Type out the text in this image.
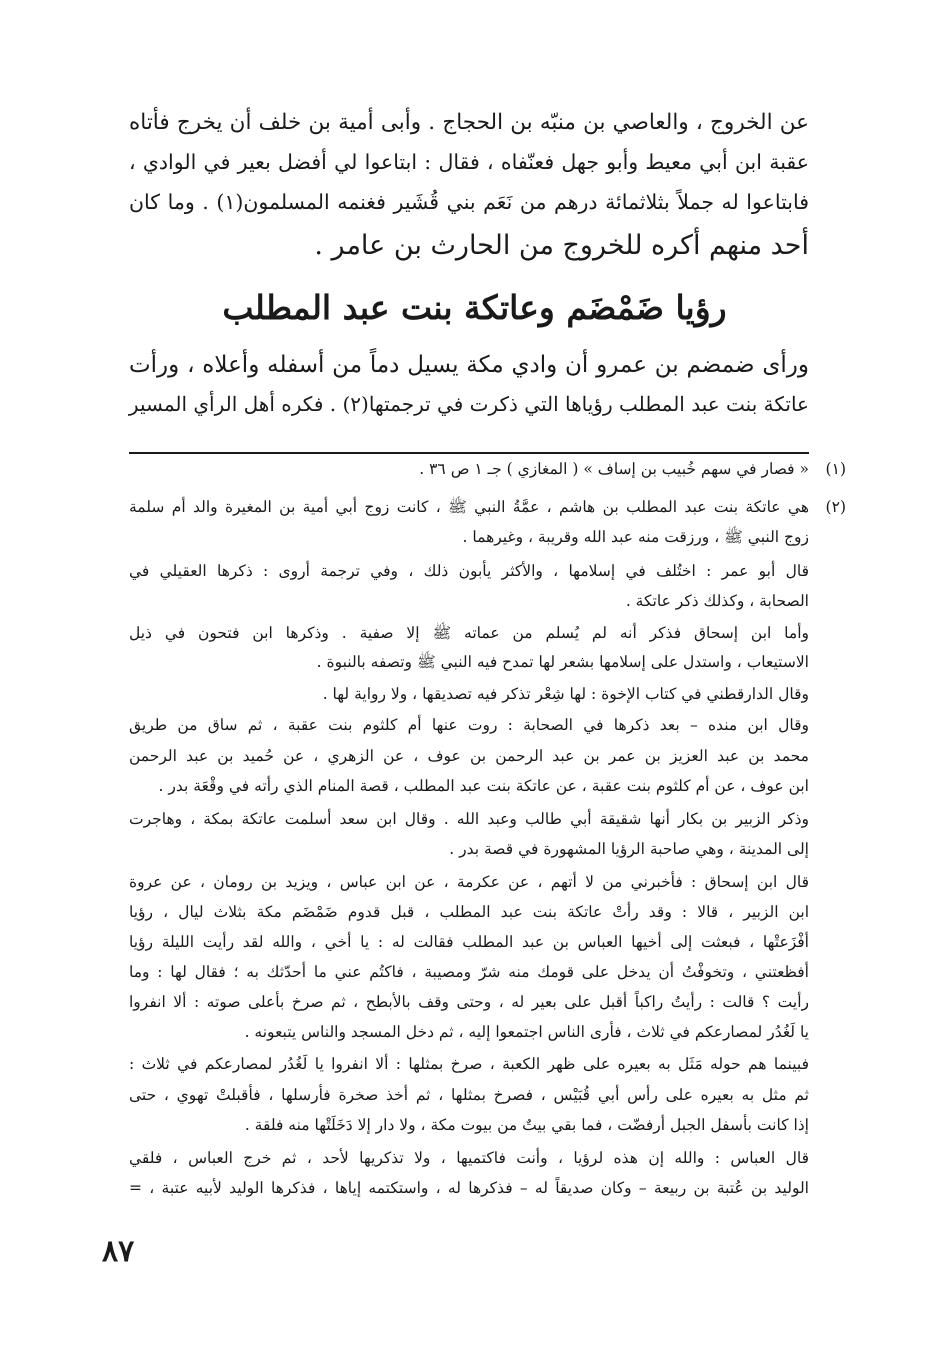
عن الخروج ، والعاصي بن منبّه بن الحجاج . وأبى أمية بن خلف أن يخرج فأتاه
عقبة ابن أبي معيط وأبو جهل فعنّفاه ، فقال : ابتاعوا لي أفضل بعير في الوادي ،
فابتاعوا له جملاً بثلاثمائة درهم من نَعَم بني قُشَير فغنمه المسلمون(١) . وما كان
أحد منهم أكره للخروج من الحارث بن عامر .
رؤيا ضَمْضَم وعاتكة بنت عبد المطلب
ورأى ضمضم بن عمرو أن وادي مكة يسيل دماً من أسفله وأعلاه ، ورأت
عاتكة بنت عبد المطلب رؤياها التي ذكرت في ترجمتها(٢) . فكره أهل الرأي المسير
(١)
(٢)
« فصار في سهم خُبيب بن إساف » ( المغازي ) جـ ١ ص ٣٦ .
هي عاتكة بنت عبد المطلب بن هاشم ، عمَّةُ النبي ﷺ ، كانت زوج أبي أمية بن المغيرة والد أم سلمة
زوج النبي ﷺ ، ورزقت منه عبد الله وقريبة ، وغيرهما .
قال أبو عمر : اختُلف في إسلامها ، والأكثر يأبون ذلك ، وفي ترجمة أروى : ذكرها العقيلي في
الصحابة ، وكذلك ذكر عاتكة .
وأما ابن إسحاق فذكر أنه لم يُسلم من عماته ﷺ إلا صفية . وذكرها ابن فتحون في ذيل
الاستيعاب ، واستدل على إسلامها بشعر لها تمدح فيه النبي ﷺ وتصفه بالنبوة .
وقال الدارقطني في كتاب الإخوة : لها شِعْر تذكر فيه تصديقها ، ولا رواية لها .
وقال ابن منده – بعد ذكرها في الصحابة : روت عنها أم كلثوم بنت عقبة ، ثم ساق من طريق
محمد بن عبد العزيز بن عمر بن عبد الرحمن بن عوف ، عن الزهري ، عن حُميد بن عبد الرحمن
ابن عوف ، عن أم كلثوم بنت عقبة ، عن عاتكة بنت عبد المطلب ، قصة المنام الذي رأته في وقْعَة بدر .
وذكر الزبير بن بكار أنها شقيقة أبي طالب وعبد الله . وقال ابن سعد أسلمت عاتكة بمكة ، وهاجرت
إلى المدينة ، وهي صاحبة الرؤيا المشهورة في قصة بدر .
قال ابن إسحاق : فأخبرني من لا أتهم ، عن عكرمة ، عن ابن عباس ، ويزيد بن رومان ، عن عروة
ابن الزبير ، قالا : وقد رأتْ عاتكة بنت عبد المطلب ، قبل قدوم ضَمْضَم مكة بثلاث ليال ، رؤيا
أفْزَعتْها ، فبعثت إلى أخيها العباس بن عبد المطلب فقالت له : يا أخي ، والله لقد رأيت الليلة رؤيا
أفظعتني ، وتخوفْتُ أن يدخل على قومك منه شرّ ومصيبة ، فاكتُم عني ما أحدّثك به ؛ فقال لها : وما
رأيت ؟ قالت : رأيتُ راكباً أقبل على بعير له ، وحتى وقف بالأبطح ، ثم صرخ بأعلى صوته : ألا انفروا
يا لَغُدُر لمصارعكم في ثلاث ، فأرى الناس اجتمعوا إليه ، ثم دخل المسجد والناس يتبعونه .
فبينما هم حوله مَثَل به بعيره على ظهر الكعبة ، صرخ بمثلها : ألا انفروا يا لَغُدُر لمصارعكم في ثلاث :
ثم مثل به بعيره على رأس أبي قُبَيْس ، فصرخ بمثلها ، ثم أخذ صخرة فأرسلها ، فأقبلتْ تهوي ، حتى
إذا كانت بأسفل الجبل أرفضّت ، فما بقي بيتٌ من بيوت مكة ، ولا دار إلا دَخَلَتْها منه فلقة .
قال العباس : والله إن هذه لرؤيا ، وأنت فاكتميها ، ولا تذكريها لأحد ، ثم خرج العباس ، فلقي
الوليد بن عُتبة بن ربيعة – وكان صديقاً له – فذكرها له ، واستكتمه إياها ، فذكرها الوليد لأبيه عتبة ، =
٨٧
